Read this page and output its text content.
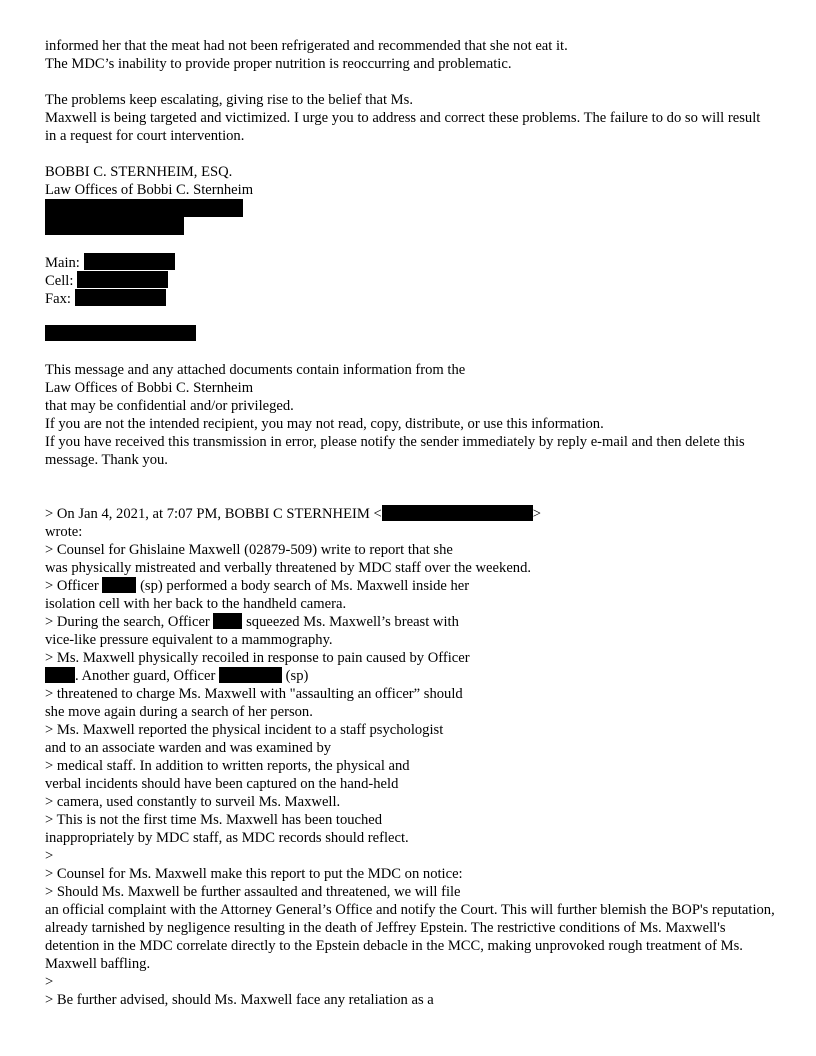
informed her that the meat had not been refrigerated and recommended that she not eat it.
The MDC’s inability to provide proper nutrition is reoccurring and problematic.
The problems keep escalating, giving rise to the belief that Ms.
Maxwell is being targeted and victimized. I urge you to address and correct these problems. The failure to do so will result in a request for court intervention.
BOBBI C. STERNHEIM, ESQ.
Law Offices of Bobbi C. Sternheim
Main:
Cell:
Fax:
This message and any attached documents contain information from the
Law Offices of Bobbi C. Sternheim
that may be confidential and/or privileged.
If you are not the intended recipient, you may not read, copy, distribute, or use this information.
If you have received this transmission in error, please notify the sender immediately by reply e-mail and then delete this message. Thank you.
> On Jan 4, 2021, at 7:07 PM, BOBBI C STERNHEIM <	>
wrote:
> Counsel for Ghislaine Maxwell (02879-509) write to report that she
was physically mistreated and verbally threatened by MDC staff over the weekend.
> Officer	(sp) performed a body search of Ms. Maxwell inside her
isolation cell with her back to the handheld camera.
> During the search, Officer squeezed Ms. Maxwell’s breast with
vice-like pressure equivalent to a mammography.
> Ms. Maxwell physically recoiled in response to pain caused by Officer
. Another guard, Officer	(sp)
> threatened to charge Ms. Maxwell with "assaulting an officer” should
she move again during a search of her person.
> Ms. Maxwell reported the physical incident to a staff psychologist
and to an associate warden and was examined by
> medical staff. In addition to written reports, the physical and
verbal incidents should have been captured on the hand-held
> camera, used constantly to surveil Ms. Maxwell.
> This is not the first time Ms. Maxwell has been touched
inappropriately by MDC staff, as MDC records should reflect.
>
> Counsel for Ms. Maxwell make this report to put the MDC on notice:
> Should Ms. Maxwell be further assaulted and threatened, we will file
an official complaint with the Attorney General’s Office and notify the Court. This will further blemish the BOP's reputation, already tarnished by negligence resulting in the death of Jeffrey Epstein. The restrictive conditions of Ms. Maxwell's detention in the MDC correlate directly to the Epstein debacle in the MCC, making unprovoked rough treatment of Ms. Maxwell baffling.
>
> Be further advised, should Ms. Maxwell face any retaliation as a
